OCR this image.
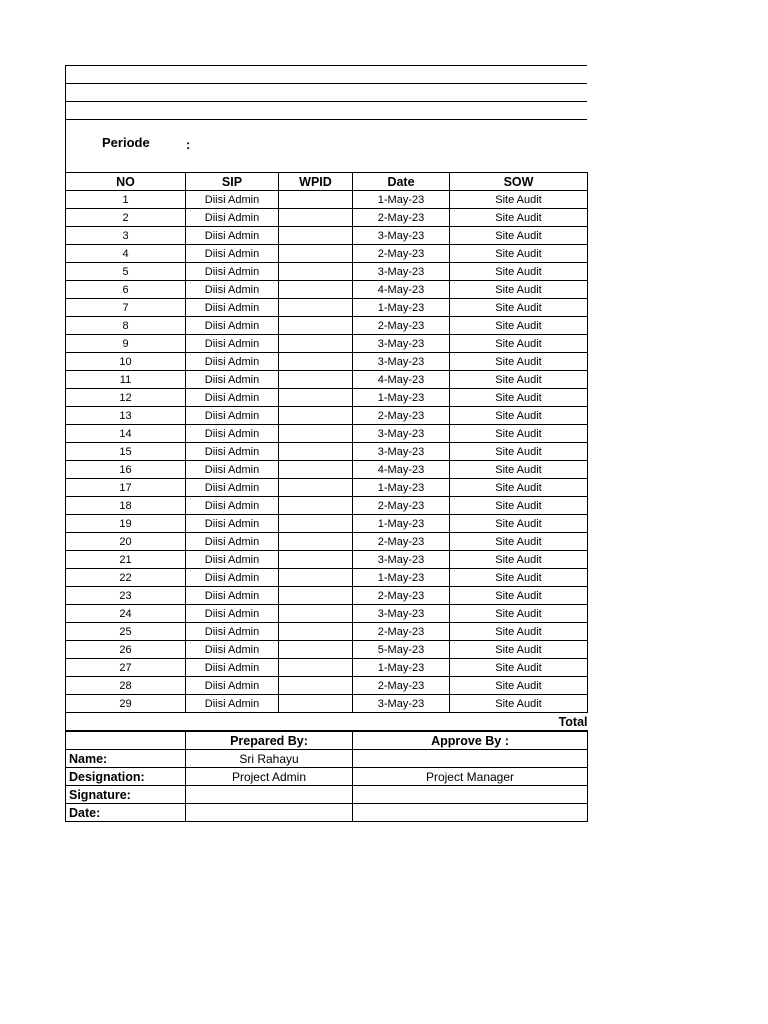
Periode	:
NO	SIP	WPID	Date	SOW
1	Diisi Admin		1-May-23	Site Audit
2	Diisi Admin		2-May-23	Site Audit
3	Diisi Admin		3-May-23	Site Audit
4	Diisi Admin		2-May-23	Site Audit
5	Diisi Admin		3-May-23	Site Audit
6	Diisi Admin		4-May-23	Site Audit
7	Diisi Admin		1-May-23	Site Audit
8	Diisi Admin		2-May-23	Site Audit
9	Diisi Admin		3-May-23	Site Audit
10	Diisi Admin		3-May-23	Site Audit
11	Diisi Admin		4-May-23	Site Audit
12	Diisi Admin		1-May-23	Site Audit
13	Diisi Admin		2-May-23	Site Audit
14	Diisi Admin		3-May-23	Site Audit
15	Diisi Admin		3-May-23	Site Audit
16	Diisi Admin		4-May-23	Site Audit
17	Diisi Admin		1-May-23	Site Audit
18	Diisi Admin		2-May-23	Site Audit
19	Diisi Admin		1-May-23	Site Audit
20	Diisi Admin		2-May-23	Site Audit
21	Diisi Admin		3-May-23	Site Audit
22	Diisi Admin		1-May-23	Site Audit
23	Diisi Admin		2-May-23	Site Audit
24	Diisi Admin		3-May-23	Site Audit
25	Diisi Admin		2-May-23	Site Audit
26	Diisi Admin		5-May-23	Site Audit
27	Diisi Admin		1-May-23	Site Audit
28	Diisi Admin		2-May-23	Site Audit
29	Diisi Admin		3-May-23	Site Audit
Total				
	Prepared By:	Approve By :
Name:	Sri Rahayu	
Designation:	Project Admin	Project Manager
Signature:		
Date:		
